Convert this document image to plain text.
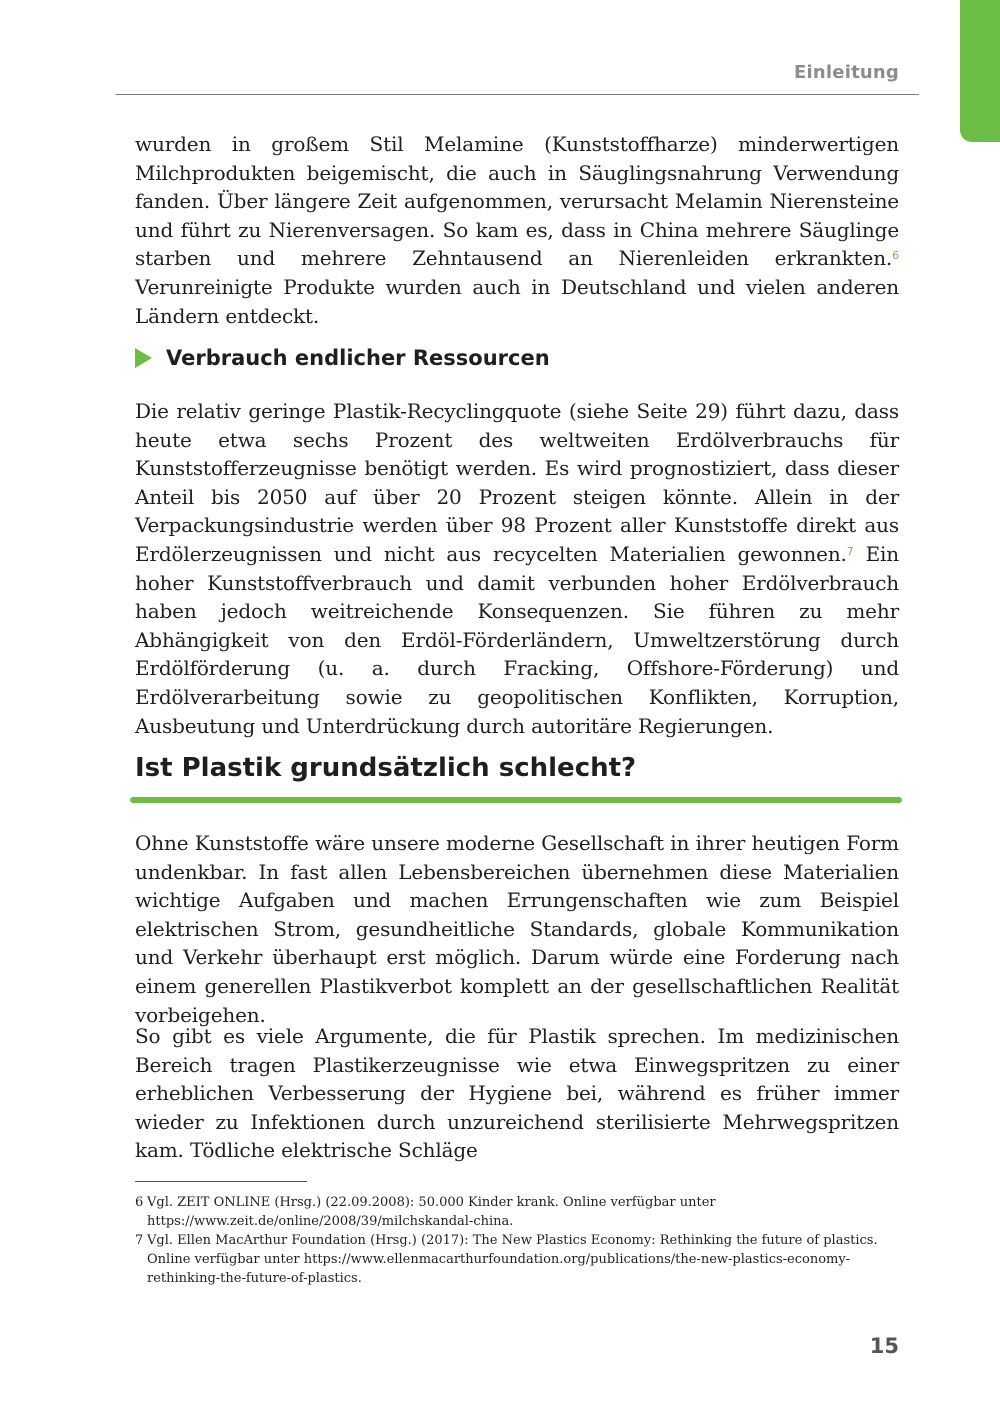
Einleitung

wurden in großem Stil Melamine (Kunststoffharze) minderwertigen Milchprodukten beigemischt, die auch in Säuglingsnahrung Verwendung fanden. Über längere Zeit aufgenommen, verursacht Melamin Nierensteine und führt zu Nierenversagen. So kam es, dass in China mehrere Säuglinge starben und mehrere Zehntausend an Nierenleiden erkrankten.$^6$ Verunreinigte Produkte wurden auch in Deutschland und vielen anderen Ländern entdeckt.

Verbrauch endlicher Ressourcen

Die relativ geringe Plastik-Recyclingquote (siehe Seite 29) führt dazu, dass heute etwa sechs Prozent des weltweiten Erdölverbrauchs für Kunststofferzeugnisse benötigt werden. Es wird prognostiziert, dass dieser Anteil bis 2050 auf über 20 Prozent steigen könnte. Allein in der Verpackungsindustrie werden über 98 Prozent aller Kunststoffe direkt aus Erdölerzeugnissen und nicht aus recycelten Materialien gewonnen.$^7$ Ein hoher Kunststoffverbrauch und damit verbunden hoher Erdölverbrauch haben jedoch weitreichende Konsequenzen. Sie führen zu mehr Abhängigkeit von den Erdöl-Förderländern, Umweltzerstörung durch Erdölförderung (u. a. durch Fracking, Offshore-Förderung) und Erdölverarbeitung sowie zu geopolitischen Konflikten, Korruption, Ausbeutung und Unterdrückung durch autoritäre Regierungen.

Ist Plastik grundsätzlich schlecht?

Ohne Kunststoffe wäre unsere moderne Gesellschaft in ihrer heutigen Form undenkbar. In fast allen Lebensbereichen übernehmen diese Materialien wichtige Aufgaben und machen Errungenschaften wie zum Beispiel elektrischen Strom, gesundheitliche Standards, globale Kommunikation und Verkehr überhaupt erst möglich. Darum würde eine Forderung nach einem generellen Plastikverbot komplett an der gesellschaftlichen Realität vorbeigehen.

So gibt es viele Argumente, die für Plastik sprechen. Im medizinischen Bereich tragen Plastikerzeugnisse wie etwa Einwegspritzen zu einer erheblichen Verbesserung der Hygiene bei, während es früher immer wieder zu Infektionen durch unzureichend sterilisierte Mehrwegspritzen kam. Tödliche elektrische Schläge

6 Vgl. ZEIT ONLINE (Hrsg.) (22.09.2008): 50.000 Kinder krank. Online verfügbar unter https://www.zeit.de/online/2008/39/milchskandal-china.
7 Vgl. Ellen MacArthur Foundation (Hrsg.) (2017): The New Plastics Economy: Rethinking the future of plastics. Online verfügbar unter https://www.ellenmacarthurfoundation.org/publications/the-new-plastics-economy-rethinking-the-future-of-plastics.
15
